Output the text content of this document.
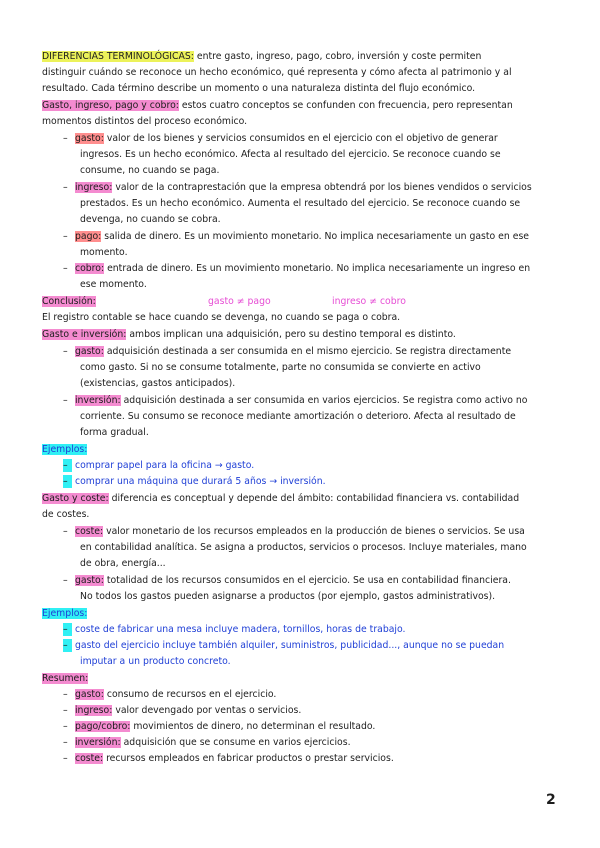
DIFERENCIAS TERMINOLÓGICAS: entre gasto, ingreso, pago, cobro, inversión y coste permiten
distinguir cuándo se reconoce un hecho económico, qué representa y cómo afecta al patrimonio y al
resultado. Cada término describe un momento o una naturaleza distinta del flujo económico.
Gasto, ingreso, pago y cobro: estos cuatro conceptos se confunden con frecuencia, pero representan
momentos distintos del proceso económico.
– gasto: valor de los bienes y servicios consumidos en el ejercicio con el objetivo de generar
ingresos. Es un hecho económico. Afecta al resultado del ejercicio. Se reconoce cuando se
consume, no cuando se paga.
– ingreso: valor de la contraprestación que la empresa obtendrá por los bienes vendidos o servicios
prestados. Es un hecho económico. Aumenta el resultado del ejercicio. Se reconoce cuando se
devenga, no cuando se cobra.
– pago: salida de dinero. Es un movimiento monetario. No implica necesariamente un gasto en ese
momento.
– cobro: entrada de dinero. Es un movimiento monetario. No implica necesariamente un ingreso en
ese momento.
Conclusión:	gasto ≠ pago	ingreso ≠ cobro
El registro contable se hace cuando se devenga, no cuando se paga o cobra.
Gasto e inversión: ambos implican una adquisición, pero su destino temporal es distinto.
– gasto: adquisición destinada a ser consumida en el mismo ejercicio. Se registra directamente
como gasto. Si no se consume totalmente, parte no consumida se convierte en activo
(existencias, gastos anticipados).
– inversión: adquisición destinada a ser consumida en varios ejercicios. Se registra como activo no
corriente. Su consumo se reconoce mediante amortización o deterioro. Afecta al resultado de
forma gradual.
Ejemplos:
– comprar papel para la oficina → gasto.
– comprar una máquina que durará 5 años → inversión.
Gasto y coste: diferencia es conceptual y depende del ámbito: contabilidad financiera vs. contabilidad
de costes.
– coste: valor monetario de los recursos empleados en la producción de bienes o servicios. Se usa
en contabilidad analítica. Se asigna a productos, servicios o procesos. Incluye materiales, mano
de obra, energía...
– gasto: totalidad de los recursos consumidos en el ejercicio. Se usa en contabilidad financiera.
No todos los gastos pueden asignarse a productos (por ejemplo, gastos administrativos).
Ejemplos:
– coste de fabricar una mesa incluye madera, tornillos, horas de trabajo.
– gasto del ejercicio incluye también alquiler, suministros, publicidad..., aunque no se puedan
imputar a un producto concreto.
Resumen:
– gasto: consumo de recursos en el ejercicio.
– ingreso: valor devengado por ventas o servicios.
– pago/cobro: movimientos de dinero, no determinan el resultado.
– inversión: adquisición que se consume en varios ejercicios.
– coste: recursos empleados en fabricar productos o prestar servicios.
2
